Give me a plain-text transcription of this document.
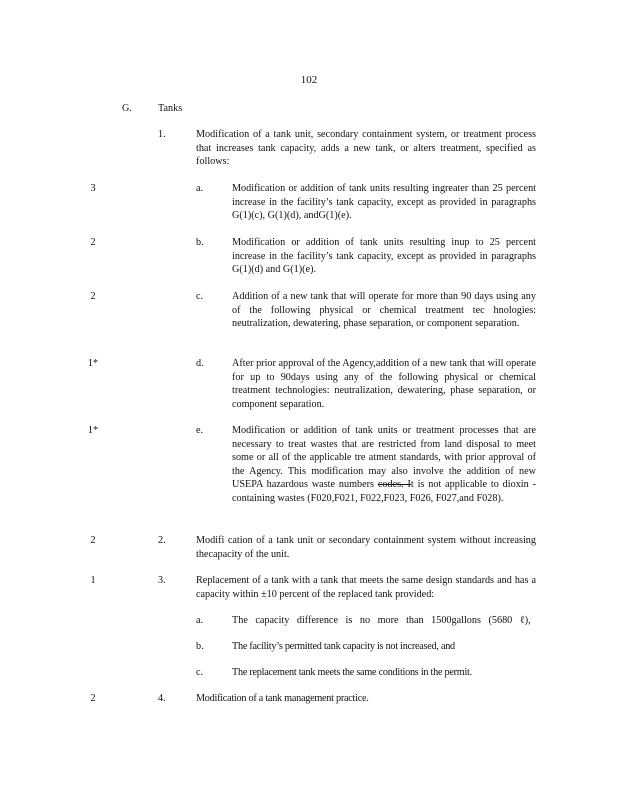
102
G.	Tanks
1.	Modification of a tank unit, secondary containment system, or treatment process that increases tank capacity, adds a new tank, or alters treatment, specified as follows:
3	a.	Modification or addition of tank units resulting ingreater than 25 percent increase in the facility’s tank capacity, except as provided in paragraphs G(1)(c), G(1)(d), andG(1)(e).
2	b.	Modification or addition of tank units resulting inup to 25 percent increase in the facility’s tank capacity, except as provided in paragraphs G(1)(d) and G(1)(e).
2	c.	Addition of a new tank that will operate for more than 90 days using any of the following physical or chemical treatment tec hnologies: neutralization, dewatering, phase separation, or component separation.
1*	d.	After prior approval of the Agency,addition of a new tank that will operate for up to 90days using any of the following physical or chemical treatment technologies: neutralization, dewatering, phase separation, or component separation.
1*	e.	Modification or addition of tank units or treatment processes that are necessary to treat wastes that are restricted from land disposal to meet some or all of the applicable tre atment standards, with prior approval of the Agency. This modification may also involve the addition of new USEPA hazardous waste numbers codes. It is not applicable to dioxin - containing wastes (F020,F021, F022,F023, F026, F027,and F028).
2	2.	Modifi cation of a tank unit or secondary containment system without increasing thecapacity of the unit.
1	3.	Replacement of a tank with a tank that meets the same design standards and has a capacity within ±10 percent of the replaced tank provided:
a.	The capacity difference is no more than 1500gallons (5680 ℓ),
b.	The facility’s permitted tank capacity is not increased, and
c.	The replacement tank meets the same conditions in the permit.
2	4.	Modification of a tank management practice.
